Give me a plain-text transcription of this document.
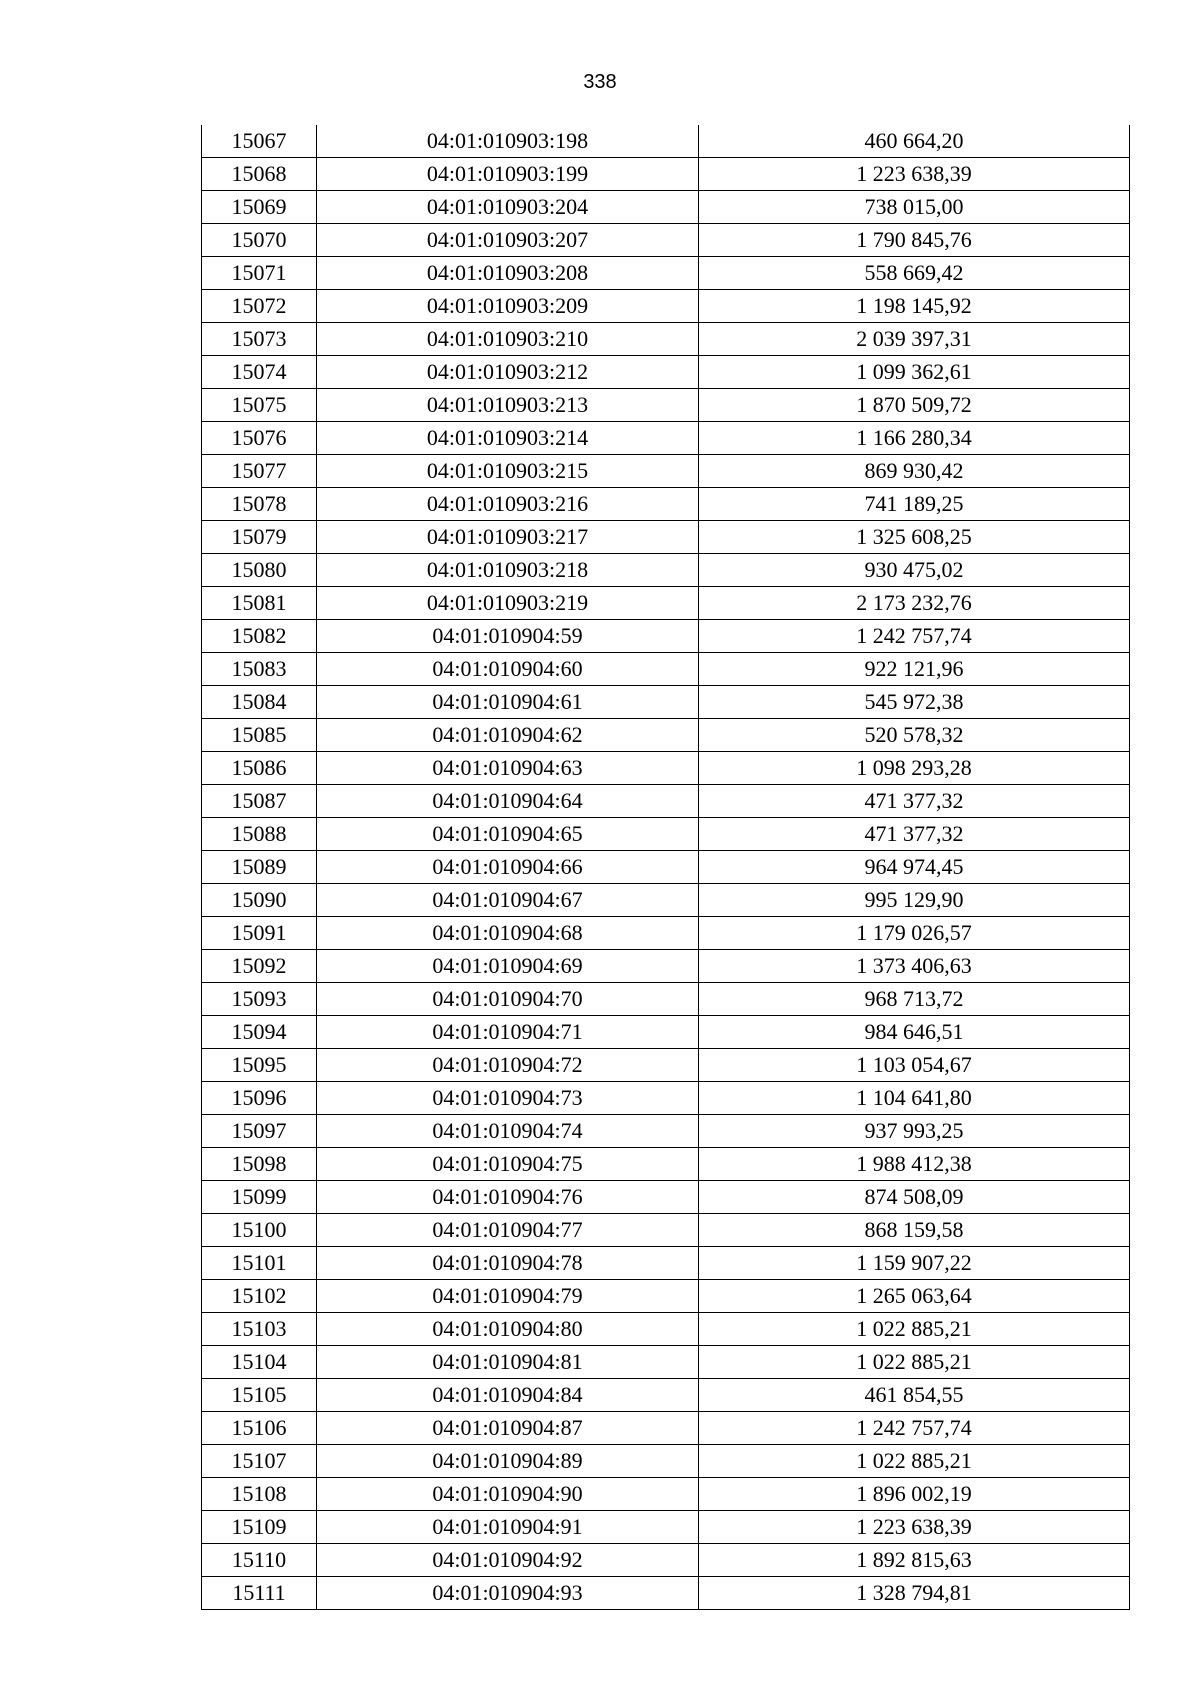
338
15067	04:01:010903:198	460 664,20
15068	04:01:010903:199	1 223 638,39
15069	04:01:010903:204	738 015,00
15070	04:01:010903:207	1 790 845,76
15071	04:01:010903:208	558 669,42
15072	04:01:010903:209	1 198 145,92
15073	04:01:010903:210	2 039 397,31
15074	04:01:010903:212	1 099 362,61
15075	04:01:010903:213	1 870 509,72
15076	04:01:010903:214	1 166 280,34
15077	04:01:010903:215	869 930,42
15078	04:01:010903:216	741 189,25
15079	04:01:010903:217	1 325 608,25
15080	04:01:010903:218	930 475,02
15081	04:01:010903:219	2 173 232,76
15082	04:01:010904:59	1 242 757,74
15083	04:01:010904:60	922 121,96
15084	04:01:010904:61	545 972,38
15085	04:01:010904:62	520 578,32
15086	04:01:010904:63	1 098 293,28
15087	04:01:010904:64	471 377,32
15088	04:01:010904:65	471 377,32
15089	04:01:010904:66	964 974,45
15090	04:01:010904:67	995 129,90
15091	04:01:010904:68	1 179 026,57
15092	04:01:010904:69	1 373 406,63
15093	04:01:010904:70	968 713,72
15094	04:01:010904:71	984 646,51
15095	04:01:010904:72	1 103 054,67
15096	04:01:010904:73	1 104 641,80
15097	04:01:010904:74	937 993,25
15098	04:01:010904:75	1 988 412,38
15099	04:01:010904:76	874 508,09
15100	04:01:010904:77	868 159,58
15101	04:01:010904:78	1 159 907,22
15102	04:01:010904:79	1 265 063,64
15103	04:01:010904:80	1 022 885,21
15104	04:01:010904:81	1 022 885,21
15105	04:01:010904:84	461 854,55
15106	04:01:010904:87	1 242 757,74
15107	04:01:010904:89	1 022 885,21
15108	04:01:010904:90	1 896 002,19
15109	04:01:010904:91	1 223 638,39
15110	04:01:010904:92	1 892 815,63
15111	04:01:010904:93	1 328 794,81
